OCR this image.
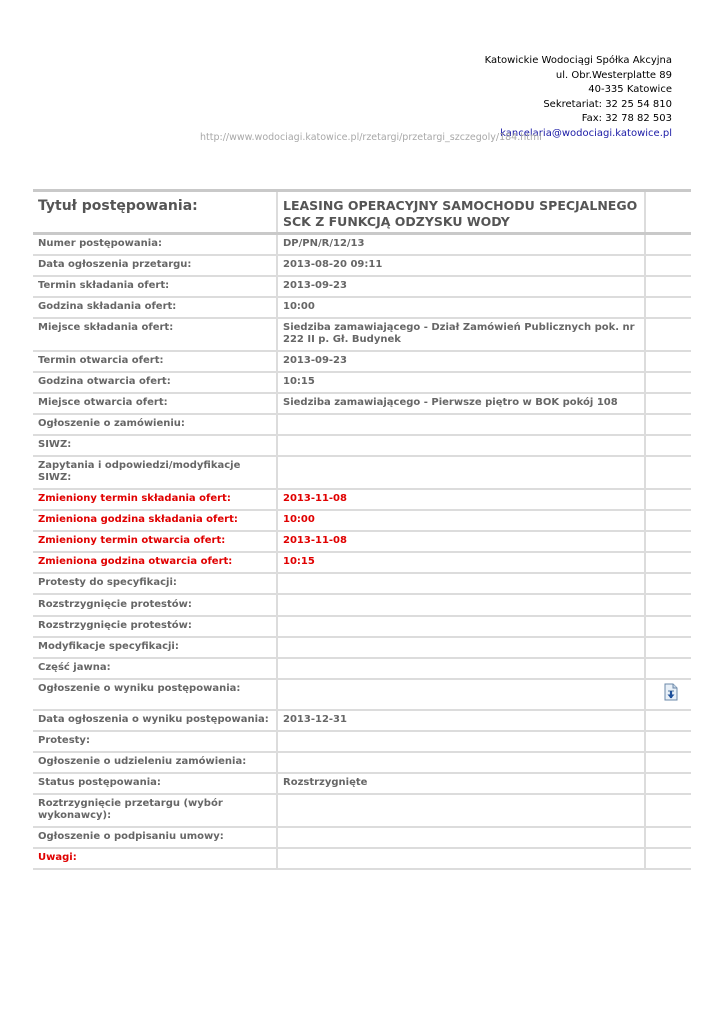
Katowickie Wodociągi Spółka Akcyjna
ul. Obr.Westerplatte 89
40-335 Katowice
Sekretariat: 32 25 54 810
Fax: 32 78 82 503
kancelaria@wodociagi.katowice.pl
http://www.wodociagi.katowice.pl/rzetargi/przetargi_szczegoly/184.html
Tytuł postępowania:	LEASING OPERACYJNY SAMOCHODU SPECJALNEGO SCK Z FUNKCJĄ ODZYSKU WODY	
Numer postępowania:	DP/PN/R/12/13	
Data ogłoszenia przetargu:	2013-08-20 09:11	
Termin składania ofert:	2013-09-23	
Godzina składania ofert:	10:00	
Miejsce składania ofert:	Siedziba zamawiającego - Dział Zamówień Publicznych pok. nr 222 II p. Gł. Budynek	
Termin otwarcia ofert:	2013-09-23	
Godzina otwarcia ofert:	10:15	
Miejsce otwarcia ofert:	Siedziba zamawiającego - Pierwsze piętro w BOK pokój 108	
Ogłoszenie o zamówieniu:		
SIWZ:		
Zapytania i odpowiedzi/modyfikacje SIWZ:		
Zmieniony termin składania ofert:	2013-11-08	
Zmieniona godzina składania ofert:	10:00	
Zmieniony termin otwarcia ofert:	2013-11-08	
Zmieniona godzina otwarcia ofert:	10:15	
Protesty do specyfikacji:		
Rozstrzygnięcie protestów:		
Rozstrzygnięcie protestów:		
Modyfikacje specyfikacji:		
Część jawna:		
Ogłoszenie o wyniku postępowania:		
Data ogłoszenia o wyniku postępowania:	2013-12-31	
Protesty:		
Ogłoszenie o udzieleniu zamówienia:		
Status postępowania:	Rozstrzygnięte	
Roztrzygnięcie przetargu (wybór wykonawcy):		
Ogłoszenie o podpisaniu umowy:		
Uwagi:		
